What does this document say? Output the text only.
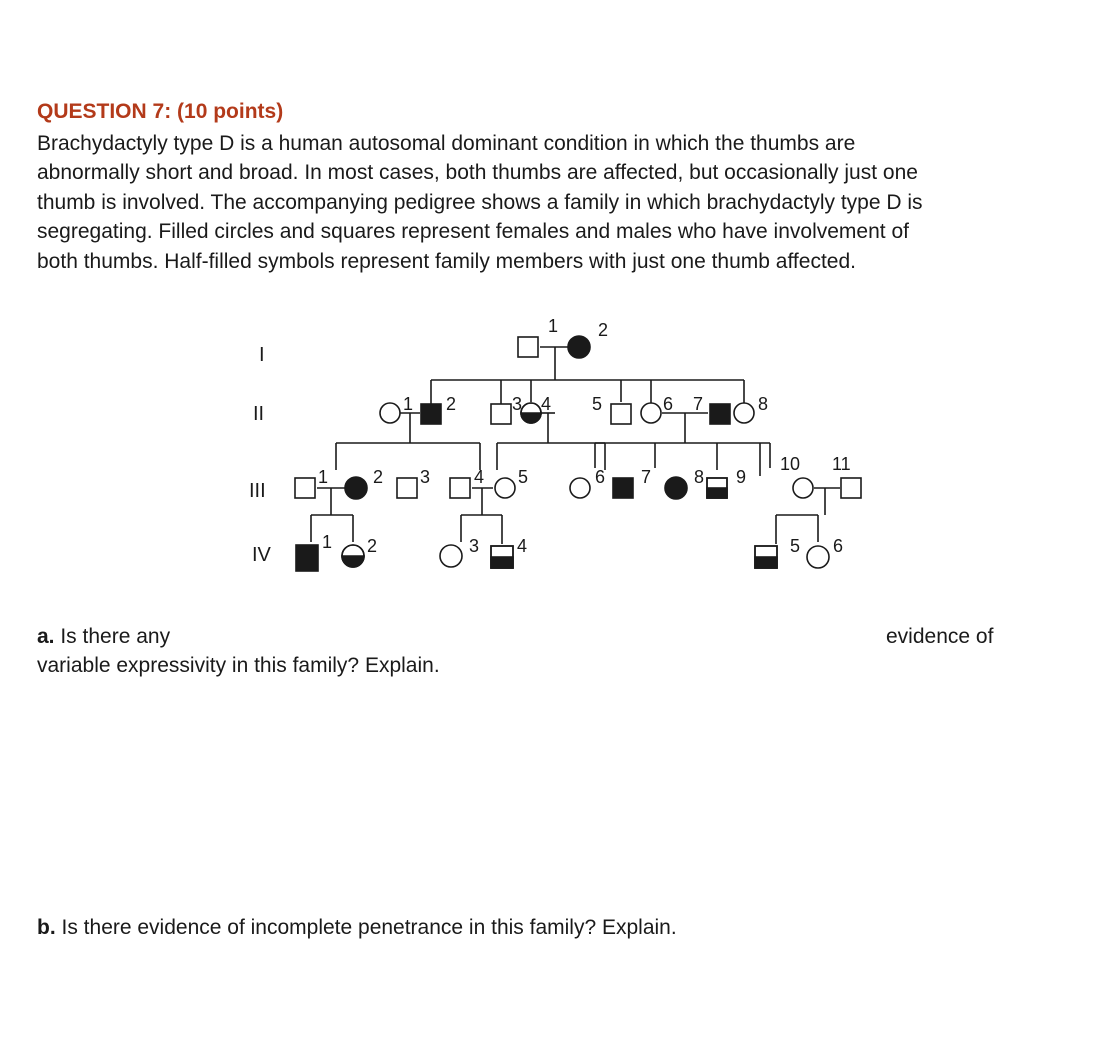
QUESTION 7: (10 points)
Brachydactyly type D is a human autosomal dominant condition in which the thumbs are
abnormally short and broad. In most cases, both thumbs are affected, but occasionally just one
thumb is involved. The accompanying pedigree shows a family in which brachydactyly type D is
segregating. Filled circles and squares represent females and males who have involvement of
both thumbs. Half-filled symbols represent family members with just one thumb affected.
I
II
III
IV
1 2
1 2	3 4 5	6 7	8
1 2 3 4 5	6 7 8 9
10 11
1 2	3 4	5 6
a. Is there any	evidence of
variable expressivity in this family? Explain.
b. Is there evidence of incomplete penetrance in this family? Explain.
